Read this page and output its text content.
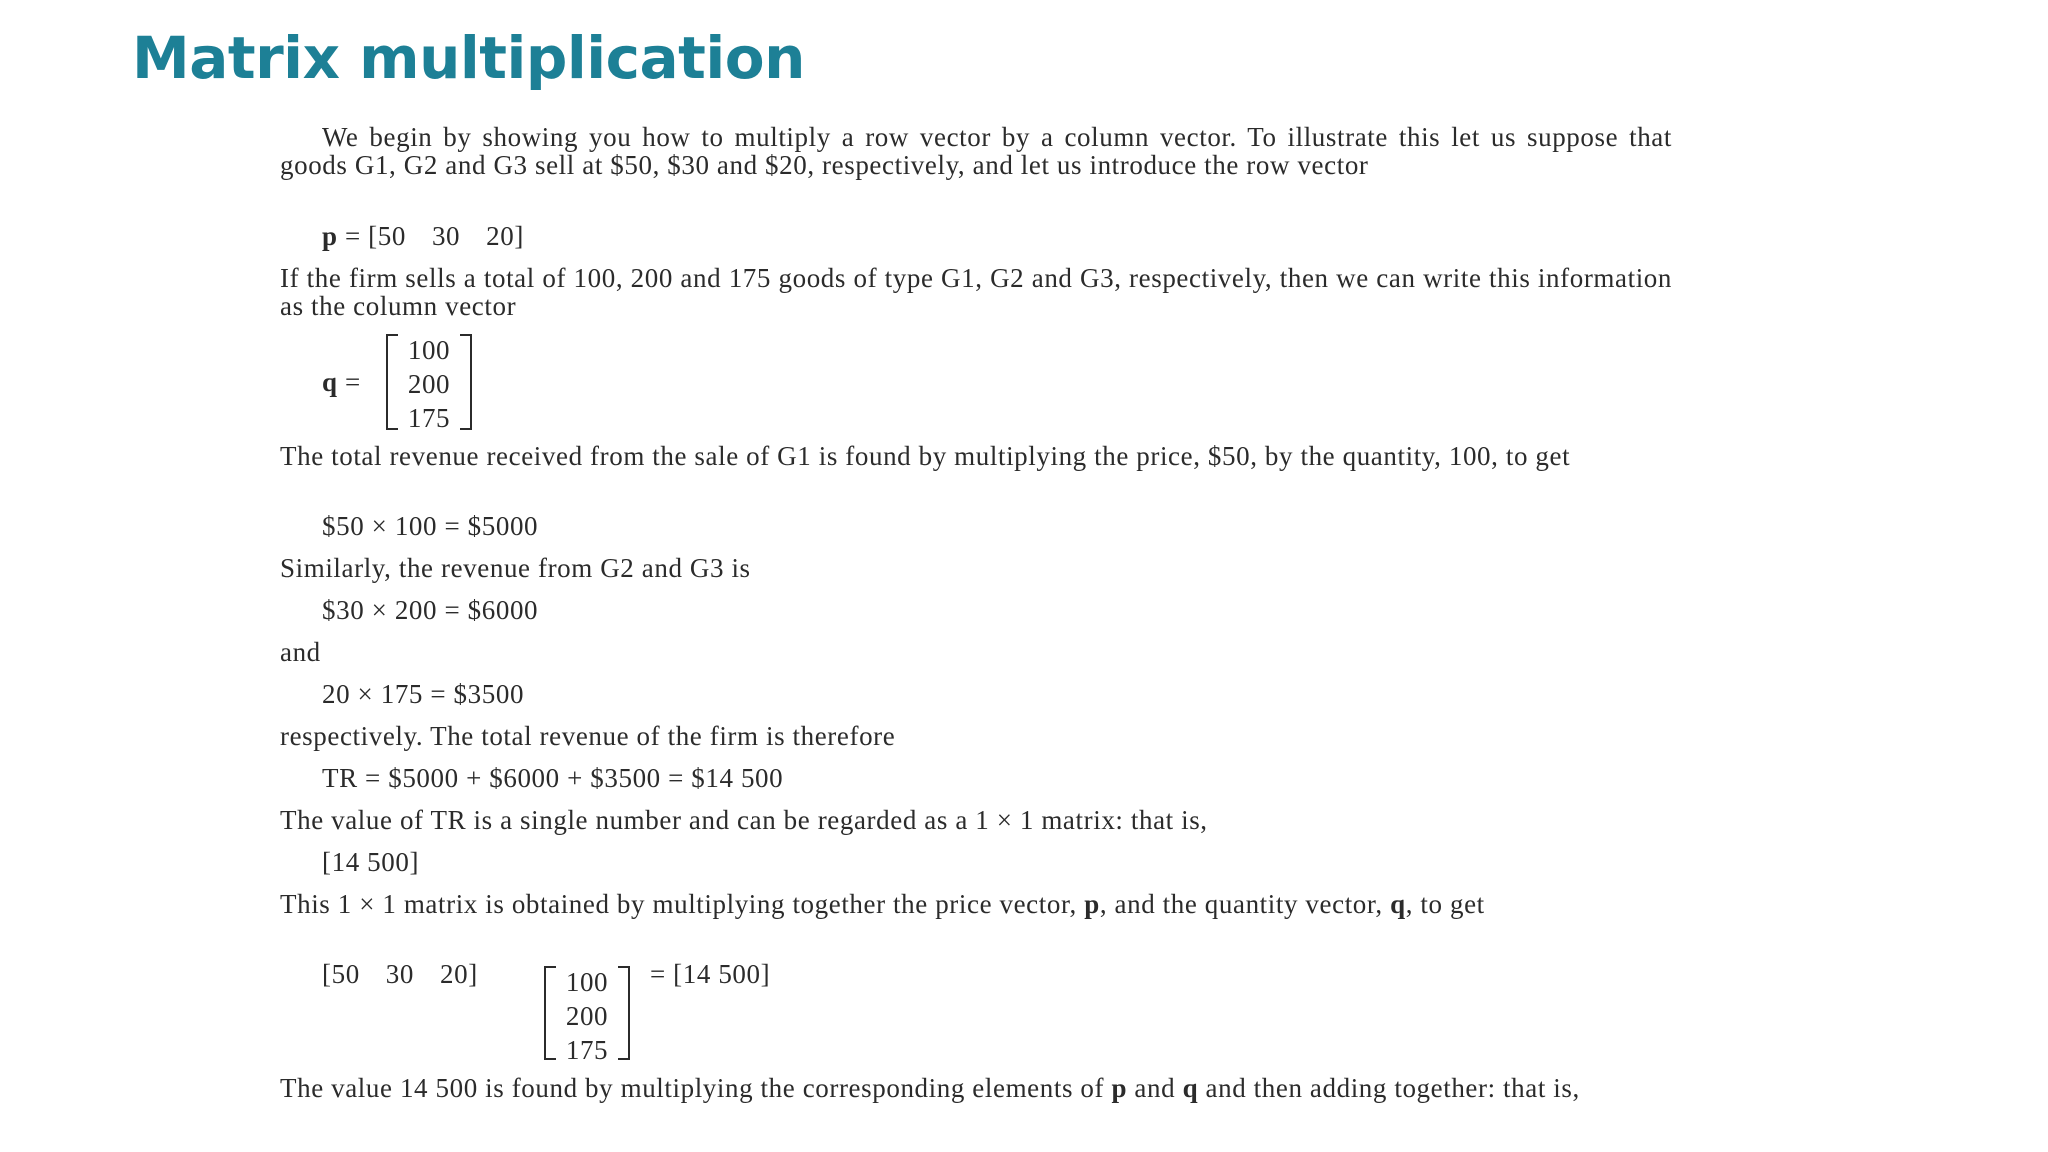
Matrix multiplication

We begin by showing you how to multiply a row vector by a column vector. To illustrate this let us suppose that goods G1, G2 and G3 sell at $50, $30 and $20, respectively, and let us introduce the row vector

p = [50 30 20]

If the firm sells a total of 100, 200 and 175 goods of type G1, G2 and G3, respectively, then we can write this information as the column vector

q =
100
200
175

The total revenue received from the sale of G1 is found by multiplying the price, $50, by the quantity, 100, to get

$50 × 100 = $5000

Similarly, the revenue from G2 and G3 is

$30 × 200 = $6000

and

20 × 175 = $3500

respectively. The total revenue of the firm is therefore

TR = $5000 + $6000 + $3500 = $14 500

The value of TR is a single number and can be regarded as a 1 × 1 matrix: that is,

[14 500]

This 1 × 1 matrix is obtained by multiplying together the price vector, p, and the quantity vector, q, to get

[50 30 20]	100
200
175
= [14 500]

The value 14 500 is found by multiplying the corresponding elements of p and q and then adding together: that is,
